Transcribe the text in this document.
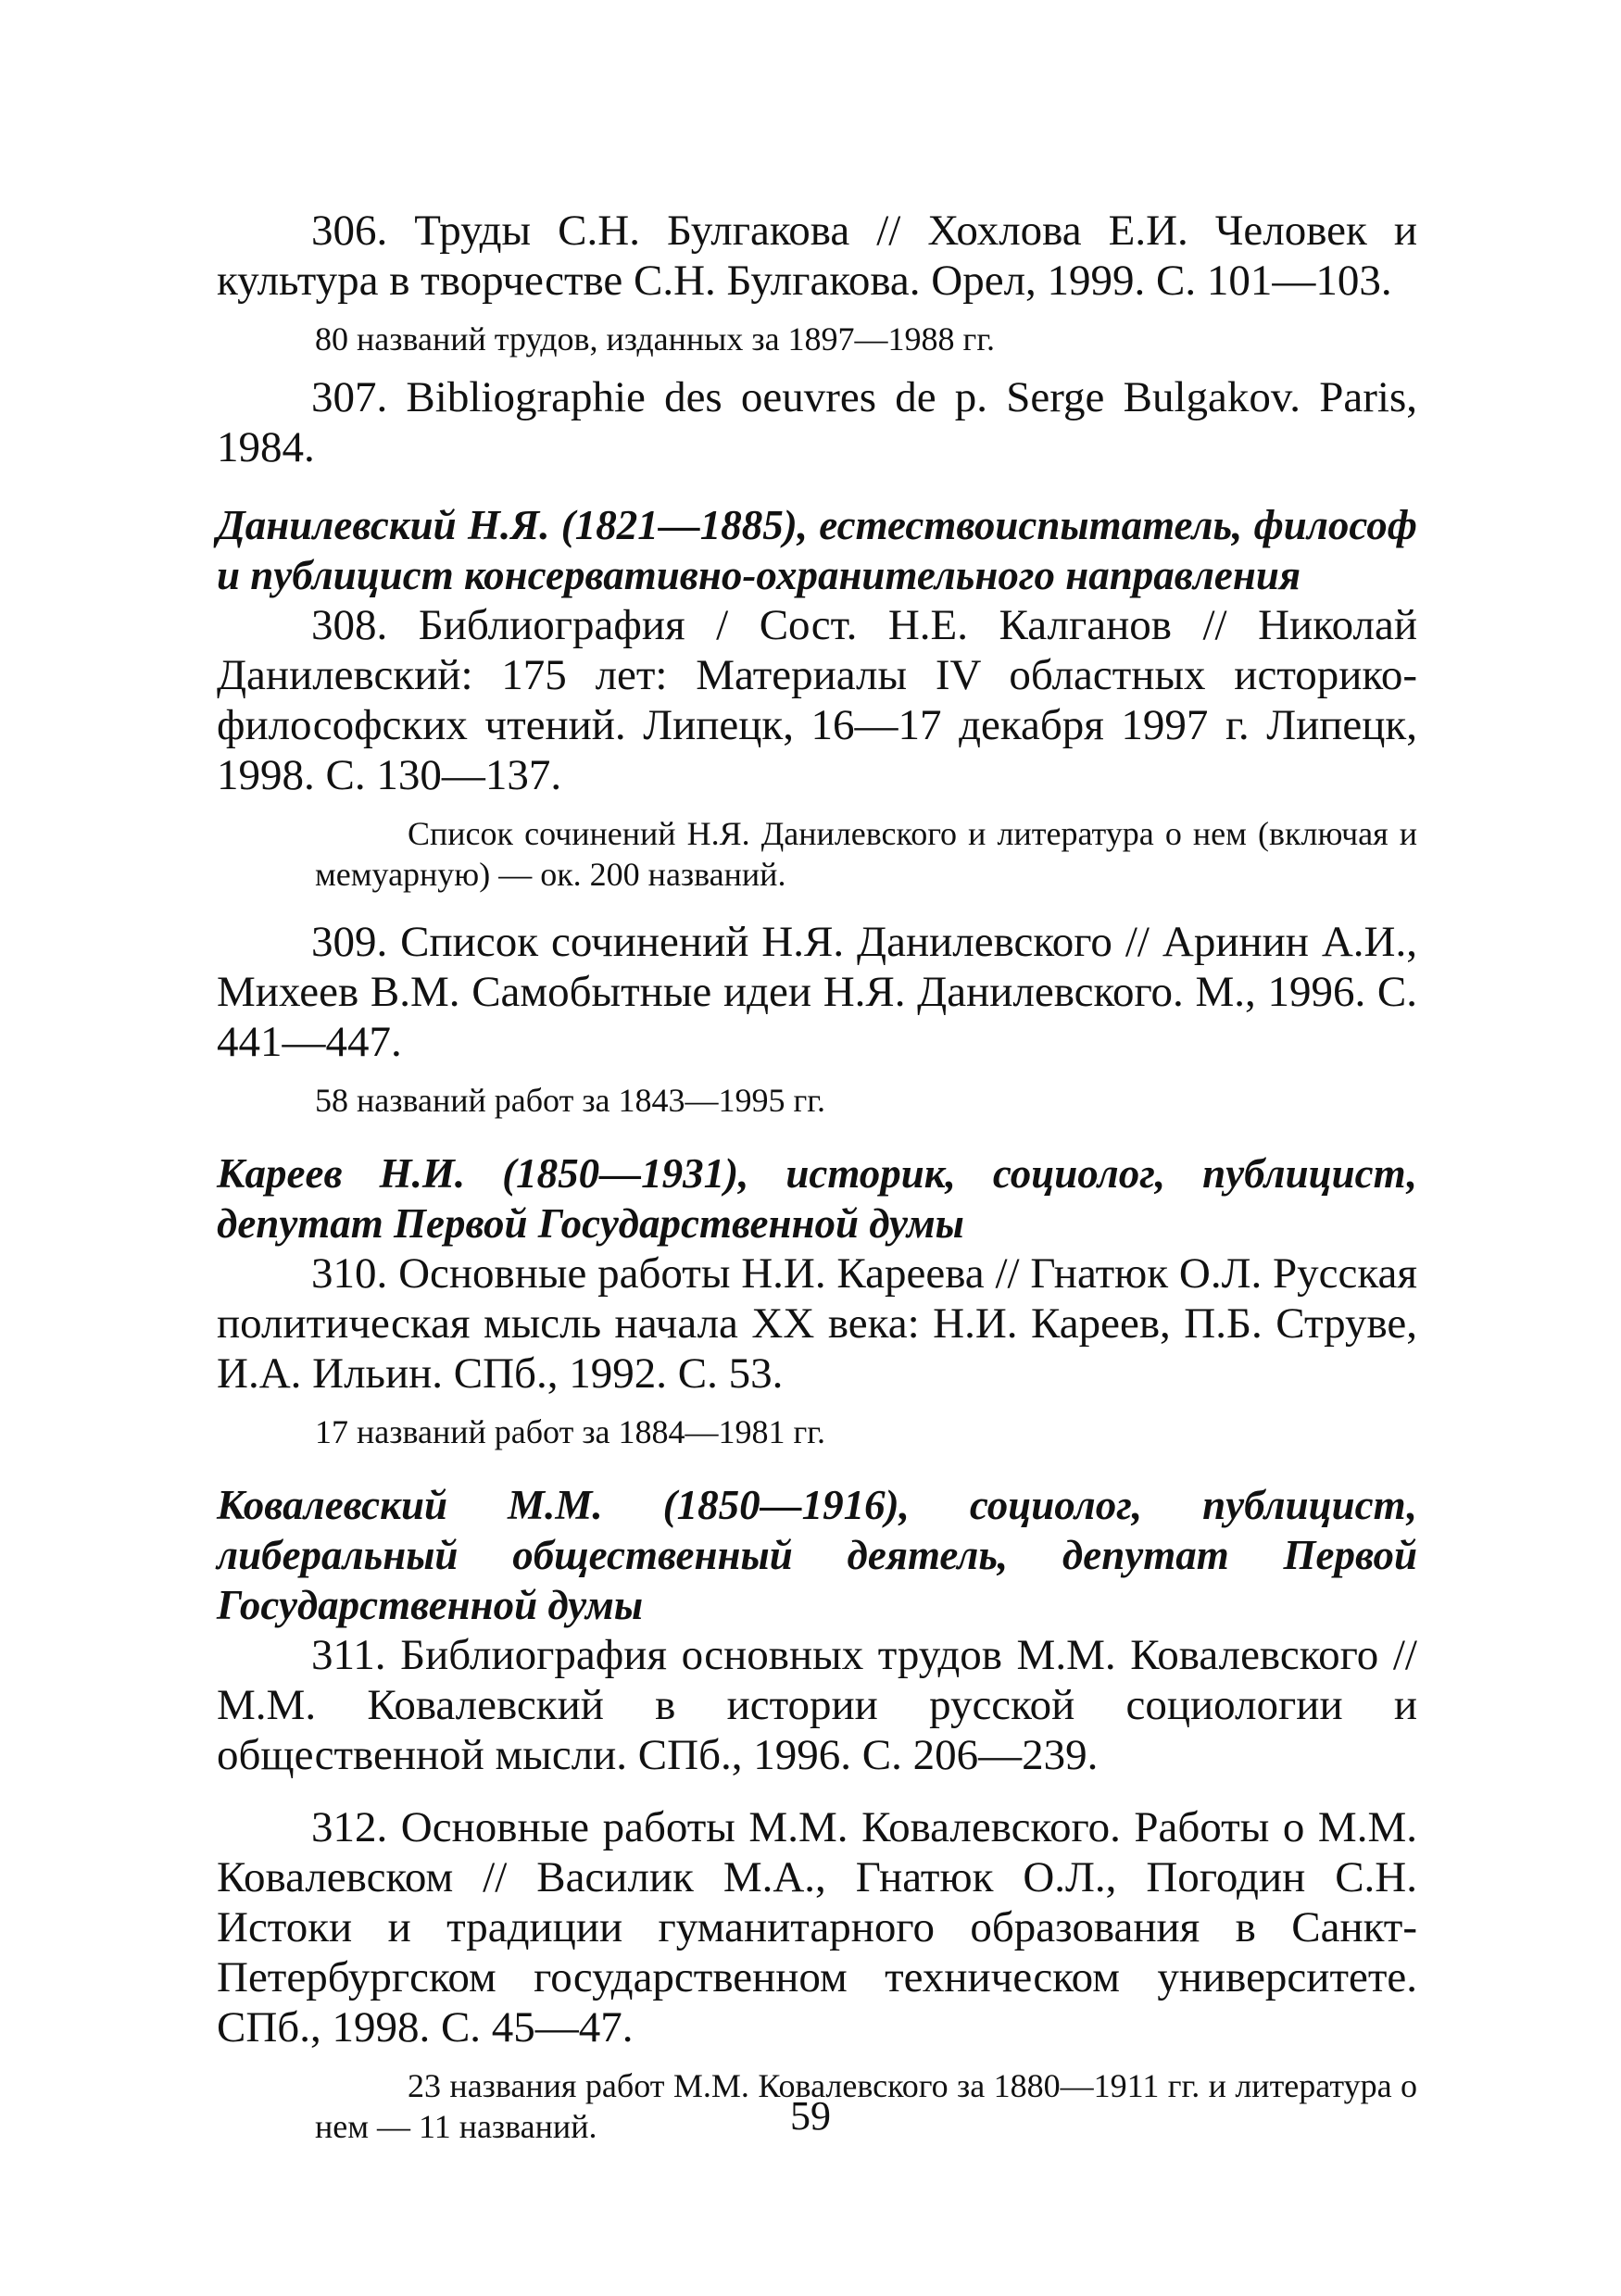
306. Труды С.Н. Булгакова // Хохлова Е.И. Человек и культура в творчестве С.Н. Булгакова. Орел, 1999. С. 101—103.

80 названий трудов, изданных за 1897—1988 гг.

307. Bibliographie des oeuvres de p. Serge Bulgakov. Paris, 1984.

Данилевский Н.Я. (1821—1885), естествоиспытатель, философ и публицист консервативно-охранительного направления

308. Библиография / Сост. Н.Е. Калганов // Николай Данилевский: 175 лет: Материалы IV областных историко-философских чтений. Липецк, 16—17 декабря 1997 г. Липецк, 1998. С. 130—137.

Список сочинений Н.Я. Данилевского и литература о нем (включая и мемуарную) — ок. 200 названий.

309. Список сочинений Н.Я. Данилевского // Аринин А.И., Михеев В.М. Самобытные идеи Н.Я. Данилевского. М., 1996. С. 441—447.

58 названий работ за 1843—1995 гг.

Кареев Н.И. (1850—1931), историк, социолог, публицист, депутат Первой Государственной думы

310. Основные работы Н.И. Кареева // Гнатюк О.Л. Русская политическая мысль начала XX века: Н.И. Кареев, П.Б. Струве, И.А. Ильин. СПб., 1992. С. 53.

17 названий работ за 1884—1981 гг.

Ковалевский М.М. (1850—1916), социолог, публицист, либеральный общественный деятель, депутат Первой Государственной думы

311. Библиография основных трудов М.М. Ковалевского // М.М. Ковалевский в истории русской социологии и общественной мысли. СПб., 1996. С. 206—239.

312. Основные работы М.М. Ковалевского. Работы о М.М. Ковалевском // Василик М.А., Гнатюк О.Л., Погодин С.Н. Истоки и традиции гуманитарного образования в Санкт-Петербургском государственном техническом университете. СПб., 1998. С. 45—47.

23 названия работ М.М. Ковалевского за 1880—1911 гг. и литература о нем — 11 названий.	59
